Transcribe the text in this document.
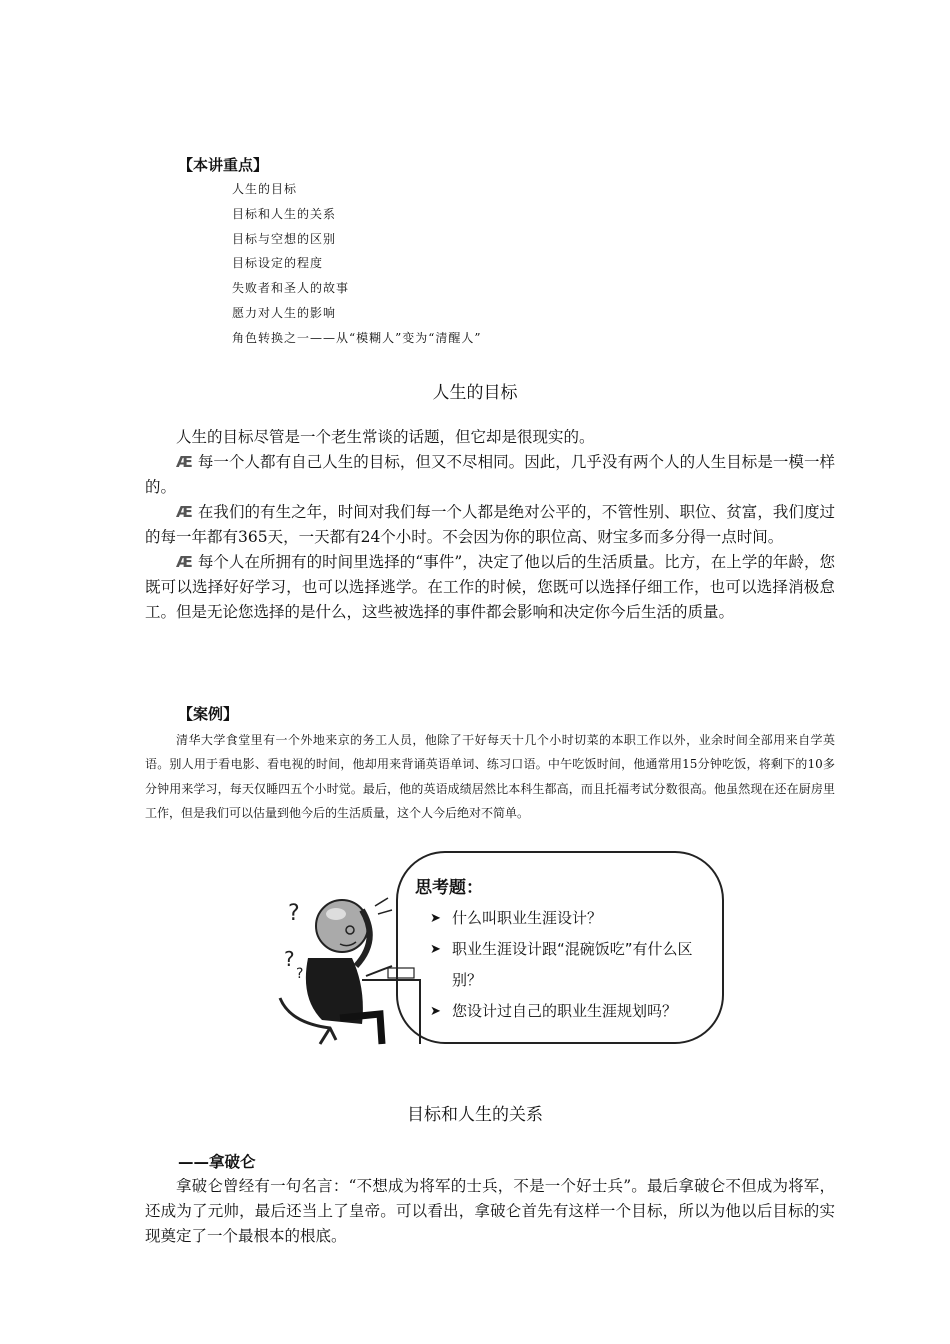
【本讲重点】
人生的目标
目标和人生的关系
目标与空想的区别
目标设定的程度
失败者和圣人的故事
愿力对人生的影响
角色转换之一——从“模糊人”变为“清醒人”
人生的目标

人生的目标尽管是一个老生常谈的话题，但它却是很现实的。

Æ 每一个人都有自己人生的目标，但又不尽相同。因此，几乎没有两个人的人生目标是一模一样的。

Æ 在我们的有生之年，时间对我们每一个人都是绝对公平的，不管性别、职位、贫富，我们度过的每一年都有365天，一天都有24个小时。不会因为你的职位高、财宝多而多分得一点时间。

Æ 每个人在所拥有的时间里选择的“事件”，决定了他以后的生活质量。比方，在上学的年龄，您既可以选择好好学习，也可以选择逃学。在工作的时候，您既可以选择仔细工作，也可以选择消极怠工。但是无论您选择的是什么，这些被选择的事件都会影响和决定你今后生活的质量。

【案例】

清华大学食堂里有一个外地来京的务工人员，他除了干好每天十几个小时切菜的本职工作以外，业余时间全部用来自学英语。别人用于看电影、看电视的时间，他却用来背诵英语单词、练习口语。中午吃饭时间，他通常用15分钟吃饭，将剩下的10多分钟用来学习，每天仅睡四五个小时觉。最后，他的英语成绩居然比本科生都高，而且托福考试分数很高。他虽然现在还在厨房里工作，但是我们可以估量到他今后的生活质量，这个人今后绝对不简单。

?
?
?
思考题：
➤ 什么叫职业生涯设计？
➤ 职业生涯设计跟“混碗饭吃”有什么区别？
➤ 您设计过自己的职业生涯规划吗？
目标和人生的关系
——拿破仑

拿破仑曾经有一句名言：“不想成为将军的士兵，不是一个好士兵”。最后拿破仑不但成为将军，还成为了元帅，最后还当上了皇帝。可以看出，拿破仑首先有这样一个目标，所以为他以后目标的实现奠定了一个最根本的根底。
